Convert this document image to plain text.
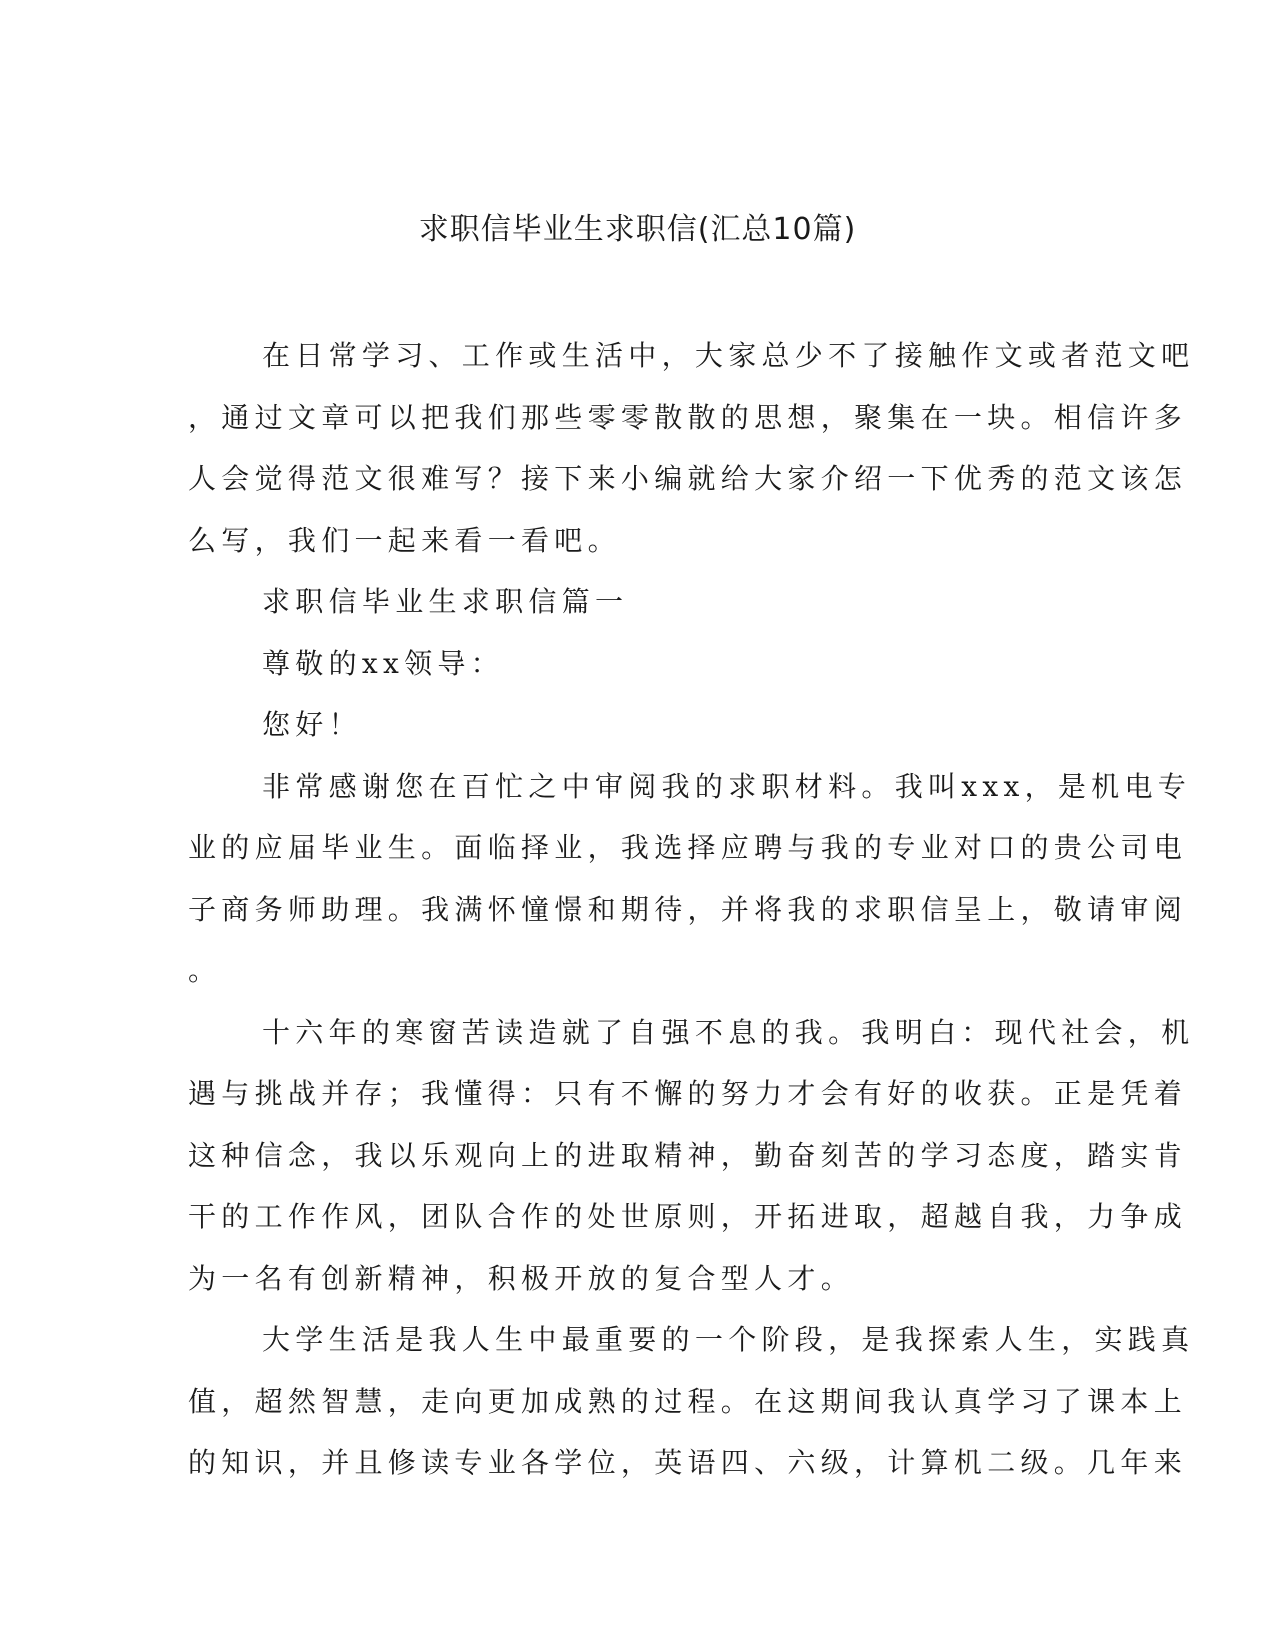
求职信毕业生求职信(汇总10篇)
在日常学习、工作或生活中，大家总少不了接触作文或者范文吧
，通过文章可以把我们那些零零散散的思想，聚集在一块。相信许多
人会觉得范文很难写？接下来小编就给大家介绍一下优秀的范文该怎
么写，我们一起来看一看吧。
求职信毕业生求职信篇一
尊敬的xx领导：
您好！
非常感谢您在百忙之中审阅我的求职材料。我叫xxx，是机电专
业的应届毕业生。面临择业，我选择应聘与我的专业对口的贵公司电
子商务师助理。我满怀憧憬和期待，并将我的求职信呈上，敬请审阅
。
十六年的寒窗苦读造就了自强不息的我。我明白：现代社会，机
遇与挑战并存；我懂得：只有不懈的努力才会有好的收获。正是凭着
这种信念，我以乐观向上的进取精神，勤奋刻苦的学习态度，踏实肯
干的工作作风，团队合作的处世原则，开拓进取，超越自我，力争成
为一名有创新精神，积极开放的复合型人才。
大学生活是我人生中最重要的一个阶段，是我探索人生，实践真
值，超然智慧，走向更加成熟的过程。在这期间我认真学习了课本上
的知识，并且修读专业各学位，英语四、六级，计算机二级。几年来
